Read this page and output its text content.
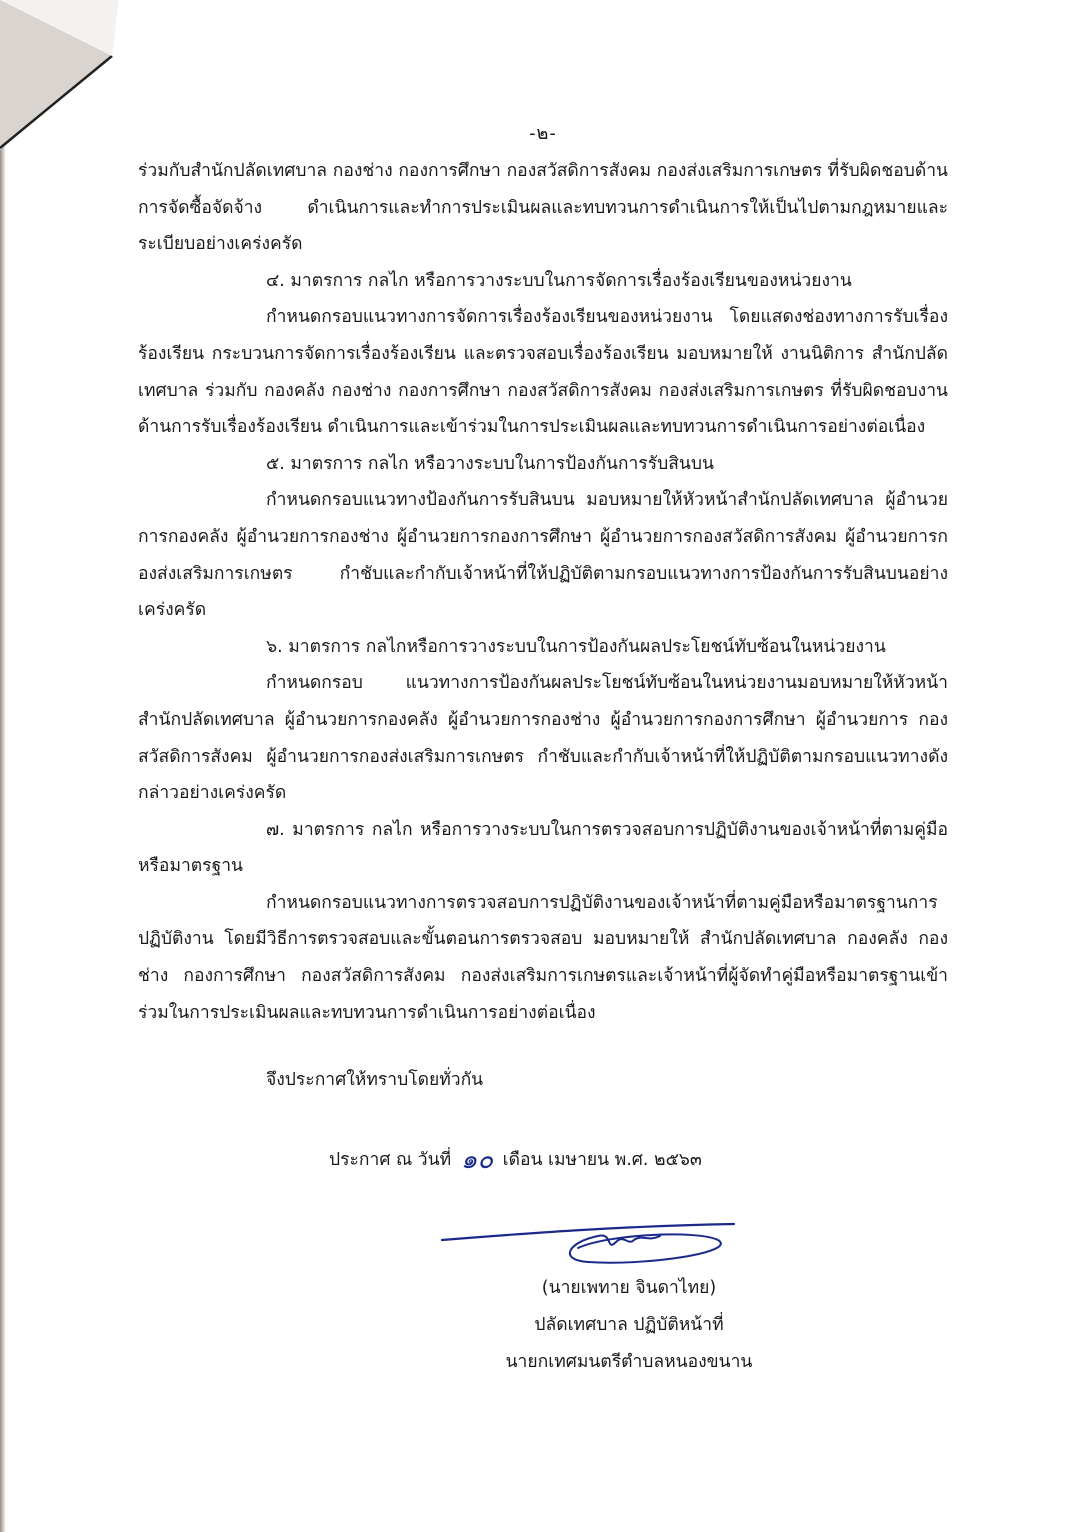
-๒-

ร่วมกับสำนักปลัดเทศบาล กองช่าง กองการศึกษา กองสวัสดิการสังคม กองส่งเสริมการเกษตร ที่รับผิดชอบด้านการจัดซื้อจัดจ้าง ดำเนินการและทำการประเมินผลและทบทวนการดำเนินการให้เป็นไปตามกฎหมายและระเบียบอย่างเคร่งครัด

๔. มาตรการ กลไก หรือการวางระบบในการจัดการเรื่องร้องเรียนของหน่วยงาน

กำหนดกรอบแนวทางการจัดการเรื่องร้องเรียนของหน่วยงาน โดยแสดงช่องทางการรับเรื่องร้องเรียน กระบวนการจัดการเรื่องร้องเรียน และตรวจสอบเรื่องร้องเรียน มอบหมายให้ งานนิติการ สำนักปลัดเทศบาล ร่วมกับ กองคลัง กองช่าง กองการศึกษา กองสวัสดิการสังคม กองส่งเสริมการเกษตร ที่รับผิดชอบงานด้านการรับเรื่องร้องเรียน ดำเนินการและเข้าร่วมในการประเมินผลและทบทวนการดำเนินการอย่างต่อเนื่อง

๕. มาตรการ กลไก หรือวางระบบในการป้องกันการรับสินบน

กำหนดกรอบแนวทางป้องกันการรับสินบน มอบหมายให้หัวหน้าสำนักปลัดเทศบาล ผู้อำนวยการกองคลัง ผู้อำนวยการกองช่าง ผู้อำนวยการกองการศึกษา ผู้อำนวยการกองสวัสดิการสังคม ผู้อำนวยการกองส่งเสริมการเกษตร กำชับและกำกับเจ้าหน้าที่ให้ปฏิบัติตามกรอบแนวทางการป้องกันการรับสินบนอย่างเคร่งครัด

๖. มาตรการ กลไกหรือการวางระบบในการป้องกันผลประโยชน์ทับซ้อนในหน่วยงาน

กำหนดกรอบ แนวทางการป้องกันผลประโยชน์ทับซ้อนในหน่วยงานมอบหมายให้หัวหน้าสำนักปลัดเทศบาล ผู้อำนวยการกองคลัง ผู้อำนวยการกองช่าง ผู้อำนวยการกองการศึกษา ผู้อำนวยการ กองสวัสดิการสังคม ผู้อำนวยการกองส่งเสริมการเกษตร กำชับและกำกับเจ้าหน้าที่ให้ปฏิบัติตามกรอบแนวทางดังกล่าวอย่างเคร่งครัด

๗. มาตรการ กลไก หรือการวางระบบในการตรวจสอบการปฏิบัติงานของเจ้าหน้าที่ตามคู่มือหรือมาตรฐาน

กำหนดกรอบแนวทางการตรวจสอบการปฏิบัติงานของเจ้าหน้าที่ตามคู่มือหรือมาตรฐานการปฏิบัติงาน โดยมีวิธีการตรวจสอบและขั้นตอนการตรวจสอบ มอบหมายให้ สำนักปลัดเทศบาล กองคลัง กองช่าง กองการศึกษา กองสวัสดิการสังคม กองส่งเสริมการเกษตรและเจ้าหน้าที่ผู้จัดทำคู่มือหรือมาตรฐานเข้าร่วมในการประเมินผลและทบทวนการดำเนินการอย่างต่อเนื่อง

จึงประกาศให้ทราบโดยทั่วกัน

ประกาศ ณ วันที่ ๑๐ เดือน เมษายน พ.ศ. ๒๕๖๓
(นายเพทาย จินดาไทย)
ปลัดเทศบาล ปฏิบัติหน้าที่
นายกเทศมนตรีตำบลหนองขนาน
